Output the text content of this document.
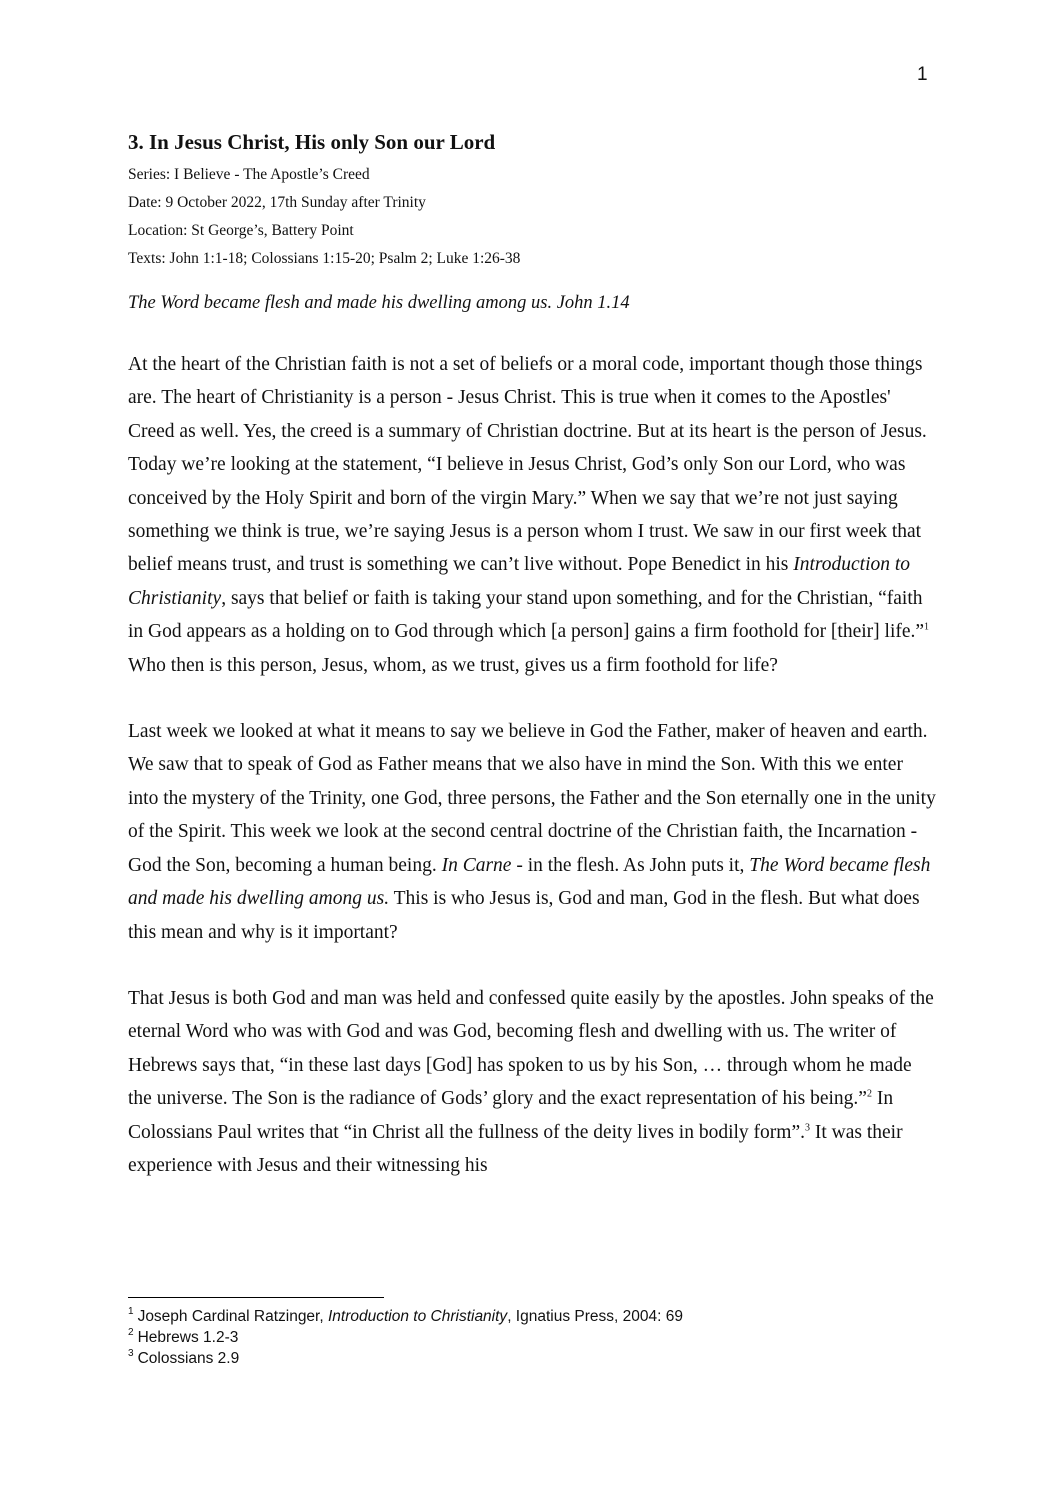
1
3. In Jesus Christ, His only Son our Lord
Series: I Believe - The Apostle’s Creed
Date: 9 October 2022, 17th Sunday after Trinity
Location: St George’s, Battery Point
Texts: John 1:1-18; Colossians 1:15-20; Psalm 2; Luke 1:26-38
The Word became flesh and made his dwelling among us. John 1.14

At the heart of the Christian faith is not a set of beliefs or a moral code, important though those things are. The heart of Christianity is a person - Jesus Christ. This is true when it comes to the Apostles' Creed as well. Yes, the creed is a summary of Christian doctrine. But at its heart is the person of Jesus. Today we’re looking at the statement, “I believe in Jesus Christ, God’s only Son our Lord, who was conceived by the Holy Spirit and born of the virgin Mary.” When we say that we’re not just saying something we think is true, we’re saying Jesus is a person whom I trust. We saw in our first week that belief means trust, and trust is something we can’t live without. Pope Benedict in his Introduction to Christianity, says that belief or faith is taking your stand upon something, and for the Christian, “faith in God appears as a holding on to God through which [a person] gains a firm foothold for [their] life.”$^1$ Who then is this person, Jesus, whom, as we trust, gives us a firm foothold for life?

Last week we looked at what it means to say we believe in God the Father, maker of heaven and earth. We saw that to speak of God as Father means that we also have in mind the Son. With this we enter into the mystery of the Trinity, one God, three persons, the Father and the Son eternally one in the unity of the Spirit. This week we look at the second central doctrine of the Christian faith, the Incarnation - God the Son, becoming a human being. In Carne - in the flesh. As John puts it, The Word became flesh and made his dwelling among us. This is who Jesus is, God and man, God in the flesh. But what does this mean and why is it important?

That Jesus is both God and man was held and confessed quite easily by the apostles. John speaks of the eternal Word who was with God and was God, becoming flesh and dwelling with us. The writer of Hebrews says that, “in these last days [God] has spoken to us by his Son, … through whom he made the universe. The Son is the radiance of Gods’ glory and the exact representation of his being.”$^2$ In Colossians Paul writes that “in Christ all the fullness of the deity lives in bodily form”.$^3$ It was their experience with Jesus and their witnessing his

$^1$ Joseph Cardinal Ratzinger, Introduction to Christianity, Ignatius Press, 2004: 69
$^2$ Hebrews 1.2-3
$^3$ Colossians 2.9
